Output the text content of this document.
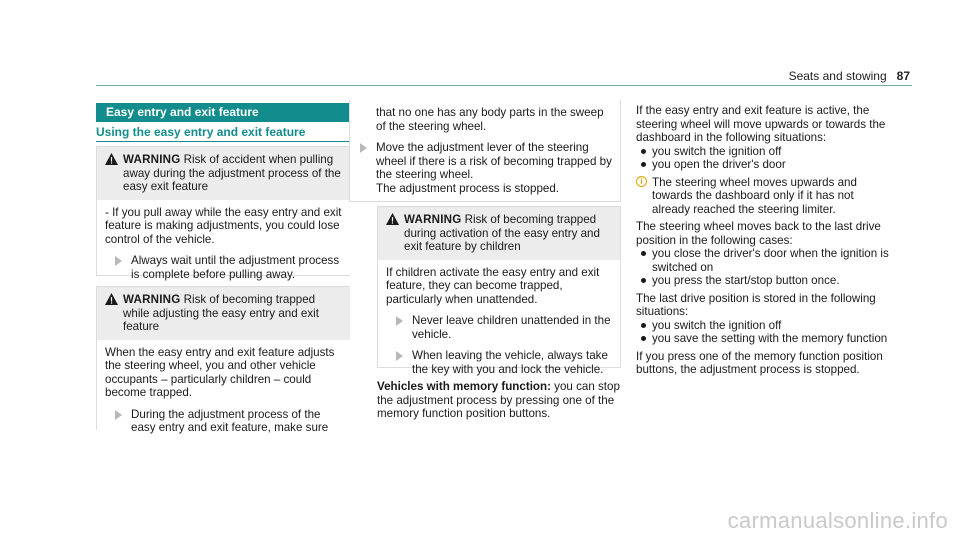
Seats and stowing 87
Easy entry and exit feature
Using the easy entry and exit feature
WARNING Risk of accident when pulling away during the adjustment process of the easy exit feature

- If you pull away while the easy entry and exit feature is making adjustments, you could lose control of the vehicle.

Always wait until the adjustment process is complete before pulling away.
WARNING Risk of becoming trapped while adjusting the easy entry and exit feature

When the easy entry and exit feature adjusts the steering wheel, you and other vehicle occupants – particularly children – could become trapped.

During the adjustment process of the easy entry and exit feature, make sure
that no one has any body parts in the sweep of the steering wheel.
Move the adjustment lever of the steering wheel if there is a risk of becoming trapped by the steering wheel.
The adjustment process is stopped.
WARNING Risk of becoming trapped during activation of the easy entry and exit feature by children

If children activate the easy entry and exit feature, they can become trapped, particularly when unattended.

Never leave children unattended in the vehicle.
When leaving the vehicle, always take the key with you and lock the vehicle.
Vehicles with memory function: you can stop the adjustment process by pressing one of the memory function position buttons.

If the easy entry and exit feature is active, the steering wheel will move upwards or towards the dashboard in the following situations:

you switch the ignition off
you open the driver's door
i The steering wheel moves upwards and towards the dashboard only if it has not already reached the steering limiter.

The steering wheel moves back to the last drive position in the following cases:

you close the driver's door when the ignition is switched on
you press the start/stop button once.

The last drive position is stored in the following situations:

you switch the ignition off
you save the setting with the memory function

If you press one of the memory function position buttons, the adjustment process is stopped.

carmanualsonline.info
